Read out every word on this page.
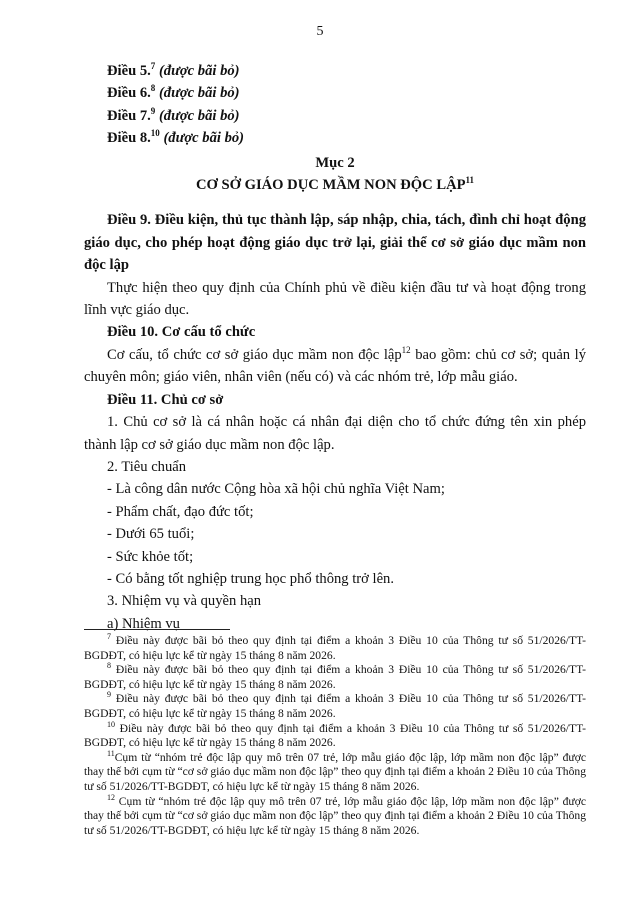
5
Điều 5.$^7$ (được bãi bỏ)
Điều 6.$^8$ (được bãi bỏ)
Điều 7.$^9$ (được bãi bỏ)
Điều 8.10 (được bãi bỏ)
Mục 2
CƠ SỞ GIÁO DỤC MẦM NON ĐỘC LẬP$^{11}$
Điều 9. Điều kiện, thủ tục thành lập, sáp nhập, chia, tách, đình chỉ hoạt động giáo dục, cho phép hoạt động giáo dục trở lại, giải thể cơ sở giáo dục mầm non độc lập
Thực hiện theo quy định của Chính phủ về điều kiện đầu tư và hoạt động trong lĩnh vực giáo dục.
Điều 10. Cơ cấu tổ chức
Cơ cấu, tổ chức cơ sở giáo dục mầm non độc lập$^{12}$ bao gồm: chủ cơ sở; quản lý chuyên môn; giáo viên, nhân viên (nếu có) và các nhóm trẻ, lớp mẫu giáo.
Điều 11. Chủ cơ sở
1. Chủ cơ sở là cá nhân hoặc cá nhân đại diện cho tổ chức đứng tên xin phép thành lập cơ sở giáo dục mầm non độc lập.
2. Tiêu chuẩn
- Là công dân nước Cộng hòa xã hội chủ nghĩa Việt Nam;
- Phẩm chất, đạo đức tốt;
- Dưới 65 tuổi;
- Sức khỏe tốt;
- Có bằng tốt nghiệp trung học phổ thông trở lên.
3. Nhiệm vụ và quyền hạn
a) Nhiệm vụ
$^7$ Điều này được bãi bỏ theo quy định tại điểm a khoản 3 Điều 10 của Thông tư số 51/2026/TT-BGDĐT, có hiệu lực kể từ ngày 15 tháng 8 năm 2026.
$^8$ Điều này được bãi bỏ theo quy định tại điểm a khoản 3 Điều 10 của Thông tư số 51/2026/TT-BGDĐT, có hiệu lực kể từ ngày 15 tháng 8 năm 2026.
$^9$ Điều này được bãi bỏ theo quy định tại điểm a khoản 3 Điều 10 của Thông tư số 51/2026/TT-BGDĐT, có hiệu lực kể từ ngày 15 tháng 8 năm 2026.
$^{10}$ Điều này được bãi bỏ theo quy định tại điểm a khoản 3 Điều 10 của Thông tư số 51/2026/TT-BGDĐT, có hiệu lực kể từ ngày 15 tháng 8 năm 2026.
$^{11}$Cụm từ “nhóm trẻ độc lập quy mô trên 07 trẻ, lớp mẫu giáo độc lập, lớp mầm non độc lập” được thay thế bởi cụm từ “cơ sở giáo dục mầm non độc lập” theo quy định tại điểm a khoản 2 Điều 10 của Thông tư số 51/2026/TT-BGDĐT, có hiệu lực kể từ ngày 15 tháng 8 năm 2026.
$^{12}$ Cụm từ “nhóm trẻ độc lập quy mô trên 07 trẻ, lớp mẫu giáo độc lập, lớp mầm non độc lập” được thay thế bởi cụm từ “cơ sở giáo dục mầm non độc lập” theo quy định tại điểm a khoản 2 Điều 10 của Thông tư số 51/2026/TT-BGDĐT, có hiệu lực kể từ ngày 15 tháng 8 năm 2026.
